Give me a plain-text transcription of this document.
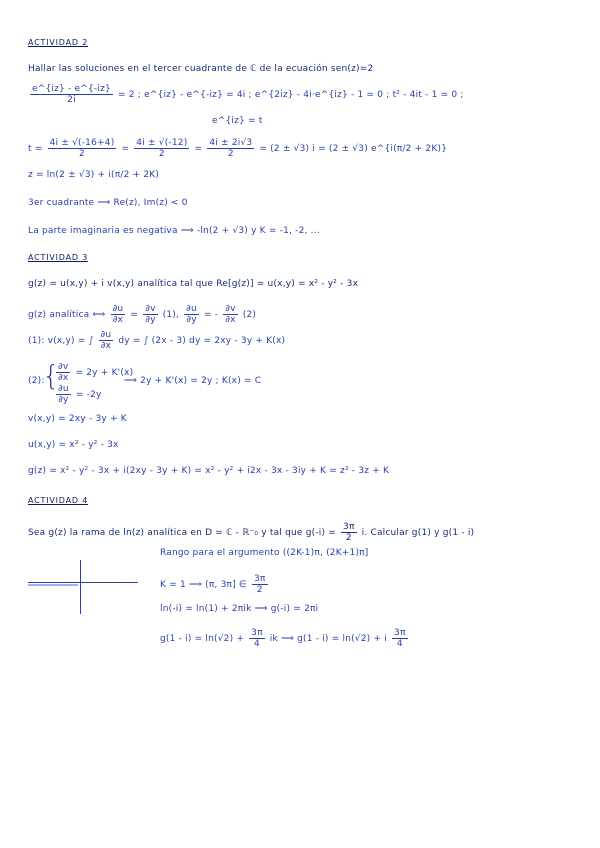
ACTIVIDAD 2
Hallar las soluciones en el tercer cuadrante de ℂ de la ecuación sen(z)=2
$\frac{e\^{}\{iz\} - e\^{}\{-iz\}}{2i} = 2$ ; e^{iz} - e^{-iz} = 4i ; e^{2iz} - 4i·e^{iz} - 1 = 0 ; t² - 4it - 1 = 0 ;
e^{iz} = t
$t = \frac{4i \pm √(-16+4)}{2} = \frac{4i \pm √(-12)}{2} = \frac{4i \pm 2i√3}{2} = (2 \pm √3) i = (2 \pm √3)$ e^{i(π/2 + 2K)}
z = ln(2 ± √3) + i(π/2 + 2K)
3er cuadrante ⟹ Re(z), Im(z) < 0
La parte imaginaria es negativa ⟹ -ln(2 + √3) y K = -1, -2, ...
ACTIVIDAD 3
g(z) = u(x,y) + i v(x,y) analítica tal que Re[g(z)] = u(x,y) = x² - y² - 3x
g(z) analítica ⟺ $\frac{\partial u}{\partial x} = \frac{\partial v}{\partial y} (1)$, $\frac{\partial u}{\partial y}$ = - $\frac{\partial v}{\partial x} (2)$
(1): v(x,y) = ∫ $\frac{\partial u}{\partial x}$ dy = ∫ (2x - 3) dy = 2xy - 3y + K(x)
(2):
{
$\frac{\partial v}{\partial x} = 2y + K'(x)$
$\frac{\partial u}{\partial y} = -2y$
⟹ 2y + K'(x) = 2y ; K(x) = C
v(x,y) = 2xy - 3y + K
u(x,y) = x² - y² - 3x
g(z) = x² - y² - 3x + i(2xy - 3y + K) = x² - y² + i2x - 3x - 3iy + K = z² - 3z + K
ACTIVIDAD 4
Sea g(z) la rama de ln(z) analítica en D = ℂ - ℝ⁻₀ y tal que $g(-i) = \frac{3\pi}{2} i$. Calcular g(1) y g(1 - i)
Rango para el argumento ((2K-1)π, (2K+1)π]
K = 1 ⟹ (π, 3π] ∈ $\frac{3\pi}{2}$
ln(-i) = ln(1) + 2πik ⟹ g(-i) = 2πi
$g(1 - i) = \ln(√2) + \frac{3\pi}{4}$ ik ⟹ g(1 - i) = ln(√2) + i $\frac{3\pi}{4}$
